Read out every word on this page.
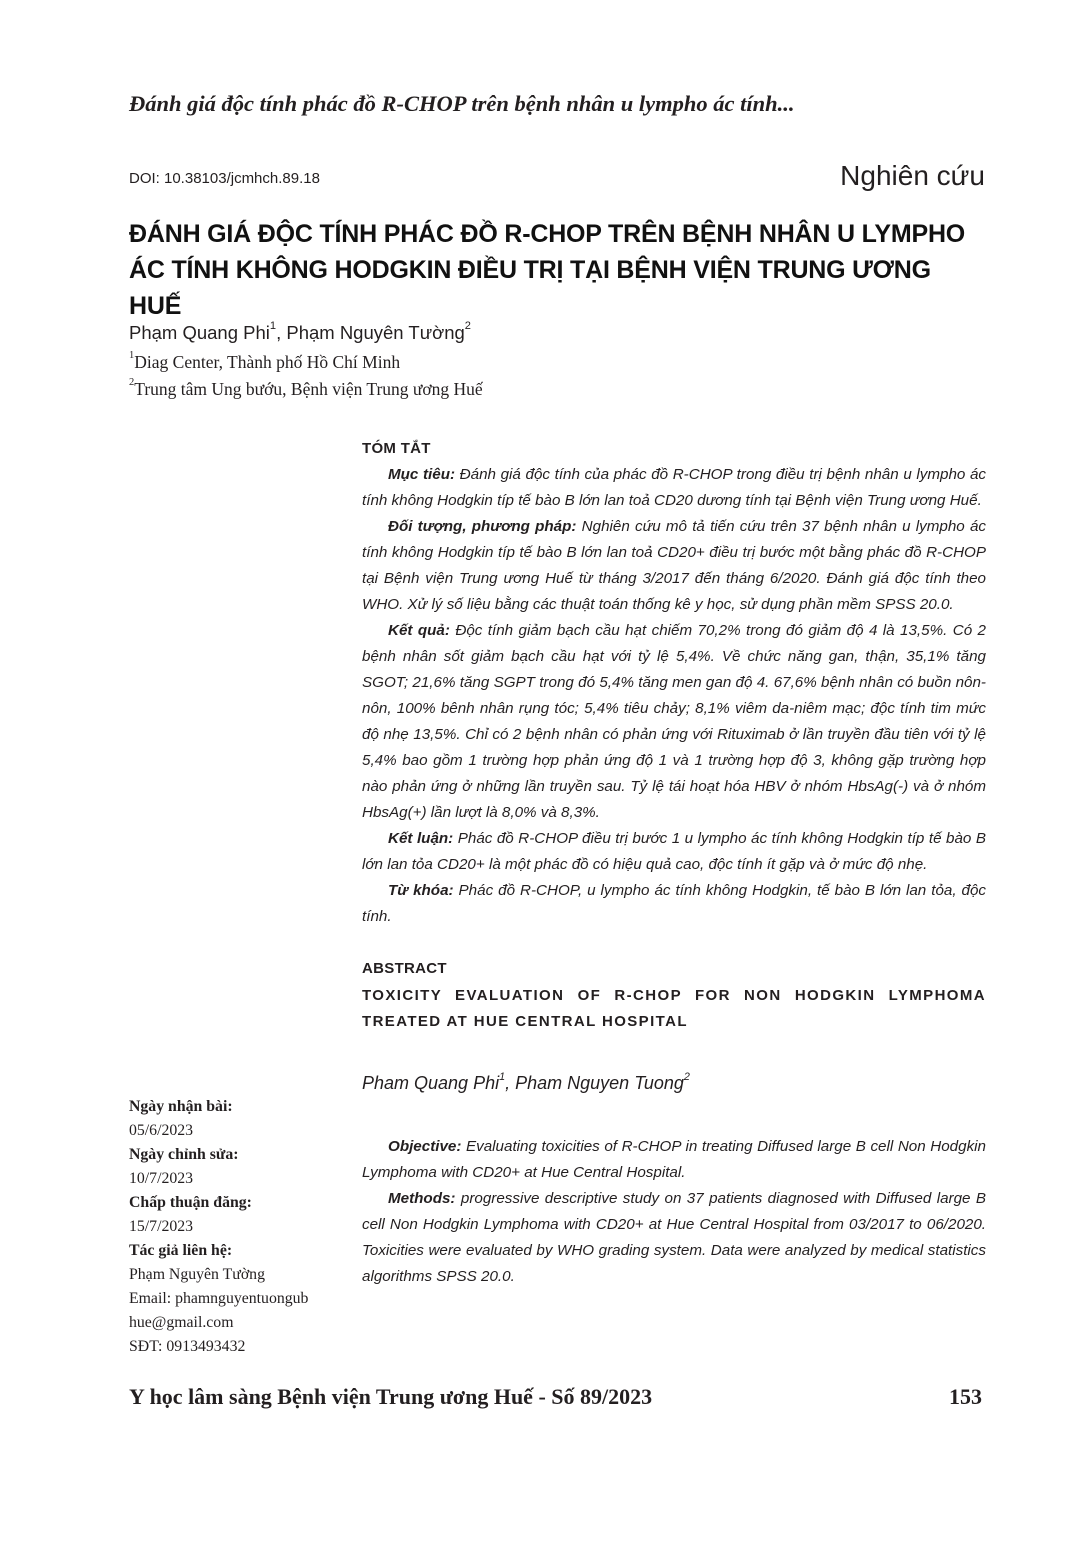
Đánh giá độc tính phác đồ R-CHOP trên bệnh nhân u lympho ác tính...
DOI: 10.38103/jcmhch.89.18	Nghiên cứu
ĐÁNH GIÁ ĐỘC TÍNH PHÁC ĐỒ R-CHOP TRÊN BỆNH NHÂN U LYMPHO
ÁC TÍNH KHÔNG HODGKIN ĐIỀU TRỊ TẠI BỆNH VIỆN TRUNG ƯƠNG HUẾ
Phạm Quang Phi$^1$, Phạm Nguyên Tường$^2$
$^1$Diag Center, Thành phố Hồ Chí Minh
$^2$Trung tâm Ung bướu, Bệnh viện Trung ương Huế

TÓM TẮT

Mục tiêu: Đánh giá độc tính của phác đồ R-CHOP trong điều trị bệnh nhân u lympho ác tính không Hodgkin típ tế bào B lớn lan toả CD20 dương tính tại Bệnh viện Trung ương Huế.

Đối tượng, phương pháp: Nghiên cứu mô tả tiến cứu trên 37 bệnh nhân u lympho ác tính không Hodgkin típ tế bào B lớn lan toả CD20+ điều trị bước một bằng phác đồ R-CHOP tại Bệnh viện Trung ương Huế từ tháng 3/2017 đến tháng 6/2020. Đánh giá độc tính theo WHO. Xử lý số liệu bằng các thuật toán thống kê y học, sử dụng phần mềm SPSS 20.0.

Kết quả: Độc tính giảm bạch cầu hạt chiếm 70,2% trong đó giảm độ 4 là 13,5%. Có 2 bệnh nhân sốt giảm bạch cầu hạt với tỷ lệ 5,4%. Về chức năng gan, thận, 35,1% tăng SGOT; 21,6% tăng SGPT trong đó 5,4% tăng men gan độ 4. 67,6% bệnh nhân có buồn nôn-nôn, 100% bênh nhân rụng tóc; 5,4% tiêu chảy; 8,1% viêm da-niêm mạc; độc tính tim mức độ nhẹ 13,5%. Chỉ có 2 bệnh nhân có phản ứng với Rituximab ở lần truyền đầu tiên với tỷ lệ 5,4% bao gồm 1 trường hợp phản ứng độ 1 và 1 trường hợp độ 3, không gặp trường hợp nào phản ứng ở những lần truyền sau. Tỷ lệ tái hoạt hóa HBV ở nhóm HbsAg(-) và ở nhóm HbsAg(+) lần lượt là 8,0% và 8,3%.

Kết luận: Phác đồ R-CHOP điều trị bước 1 u lympho ác tính không Hodgkin típ tế bào B lớn lan tỏa CD20+ là một phác đồ có hiệu quả cao, độc tính ít gặp và ở mức độ nhẹ.

Từ khóa: Phác đồ R-CHOP, u lympho ác tính không Hodgkin, tế bào B lớn lan tỏa, độc tính.

ABSTRACT

TOXICITY EVALUATION OF R-CHOP FOR NON HODGKIN LYMPHOMA TREATED AT HUE CENTRAL HOSPITAL

Pham Quang Phi$^1$, Pham Nguyen Tuong$^2$

Objective: Evaluating toxicities of R-CHOP in treating Diffused large B cell Non Hodgkin Lymphoma with CD20+ at Hue Central Hospital.

Methods: progressive descriptive study on 37 patients diagnosed with Diffused large B cell Non Hodgkin Lymphoma with CD20+ at Hue Central Hospital from 03/2017 to 06/2020. Toxicities were evaluated by WHO grading system. Data were analyzed by medical statistics algorithms SPSS 20.0.

Ngày nhận bài:
05/6/2023
Ngày chỉnh sửa:
10/7/2023
Chấp thuận đăng:
15/7/2023
Tác giả liên hệ:
Phạm Nguyên Tường
Email: phamnguyentuongub
hue@gmail.com
SĐT: 0913493432
Y học lâm sàng Bệnh viện Trung ương Huế - Số 89/2023	153
